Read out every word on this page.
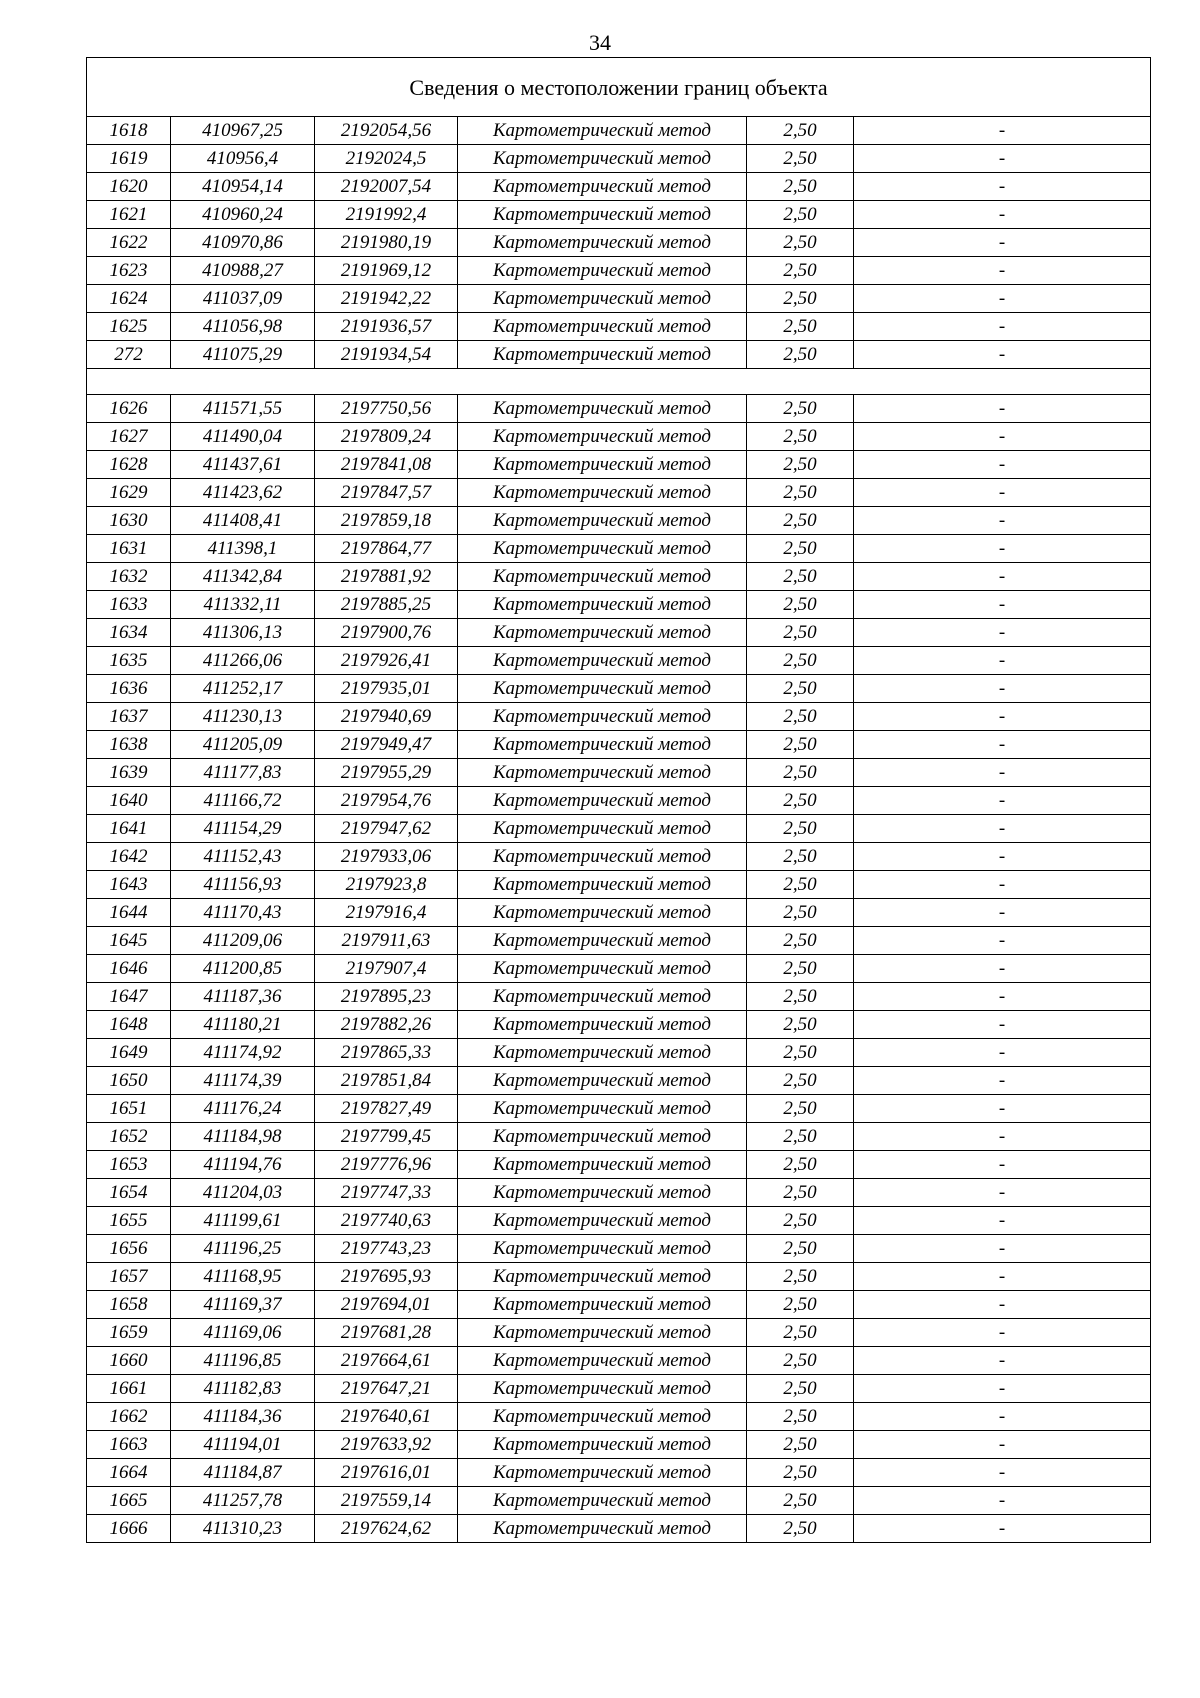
34
Сведения о местоположении границ объекта					
1618	410967,25	2192054,56	Картометрический метод	2,50	-
1619	410956,4	2192024,5	Картометрический метод	2,50	-
1620	410954,14	2192007,54	Картометрический метод	2,50	-
1621	410960,24	2191992,4	Картометрический метод	2,50	-
1622	410970,86	2191980,19	Картометрический метод	2,50	-
1623	410988,27	2191969,12	Картометрический метод	2,50	-
1624	411037,09	2191942,22	Картометрический метод	2,50	-
1625	411056,98	2191936,57	Картометрический метод	2,50	-
272	411075,29	2191934,54	Картометрический метод	2,50	-

1626	411571,55	2197750,56	Картометрический метод	2,50	-
1627	411490,04	2197809,24	Картометрический метод	2,50	-
1628	411437,61	2197841,08	Картометрический метод	2,50	-
1629	411423,62	2197847,57	Картометрический метод	2,50	-
1630	411408,41	2197859,18	Картометрический метод	2,50	-
1631	411398,1	2197864,77	Картометрический метод	2,50	-
1632	411342,84	2197881,92	Картометрический метод	2,50	-
1633	411332,11	2197885,25	Картометрический метод	2,50	-
1634	411306,13	2197900,76	Картометрический метод	2,50	-
1635	411266,06	2197926,41	Картометрический метод	2,50	-
1636	411252,17	2197935,01	Картометрический метод	2,50	-
1637	411230,13	2197940,69	Картометрический метод	2,50	-
1638	411205,09	2197949,47	Картометрический метод	2,50	-
1639	411177,83	2197955,29	Картометрический метод	2,50	-
1640	411166,72	2197954,76	Картометрический метод	2,50	-
1641	411154,29	2197947,62	Картометрический метод	2,50	-
1642	411152,43	2197933,06	Картометрический метод	2,50	-
1643	411156,93	2197923,8	Картометрический метод	2,50	-
1644	411170,43	2197916,4	Картометрический метод	2,50	-
1645	411209,06	2197911,63	Картометрический метод	2,50	-
1646	411200,85	2197907,4	Картометрический метод	2,50	-
1647	411187,36	2197895,23	Картометрический метод	2,50	-
1648	411180,21	2197882,26	Картометрический метод	2,50	-
1649	411174,92	2197865,33	Картометрический метод	2,50	-
1650	411174,39	2197851,84	Картометрический метод	2,50	-
1651	411176,24	2197827,49	Картометрический метод	2,50	-
1652	411184,98	2197799,45	Картометрический метод	2,50	-
1653	411194,76	2197776,96	Картометрический метод	2,50	-
1654	411204,03	2197747,33	Картометрический метод	2,50	-
1655	411199,61	2197740,63	Картометрический метод	2,50	-
1656	411196,25	2197743,23	Картометрический метод	2,50	-
1657	411168,95	2197695,93	Картометрический метод	2,50	-
1658	411169,37	2197694,01	Картометрический метод	2,50	-
1659	411169,06	2197681,28	Картометрический метод	2,50	-
1660	411196,85	2197664,61	Картометрический метод	2,50	-
1661	411182,83	2197647,21	Картометрический метод	2,50	-
1662	411184,36	2197640,61	Картометрический метод	2,50	-
1663	411194,01	2197633,92	Картометрический метод	2,50	-
1664	411184,87	2197616,01	Картометрический метод	2,50	-
1665	411257,78	2197559,14	Картометрический метод	2,50	-
1666	411310,23	2197624,62	Картометрический метод	2,50	-
